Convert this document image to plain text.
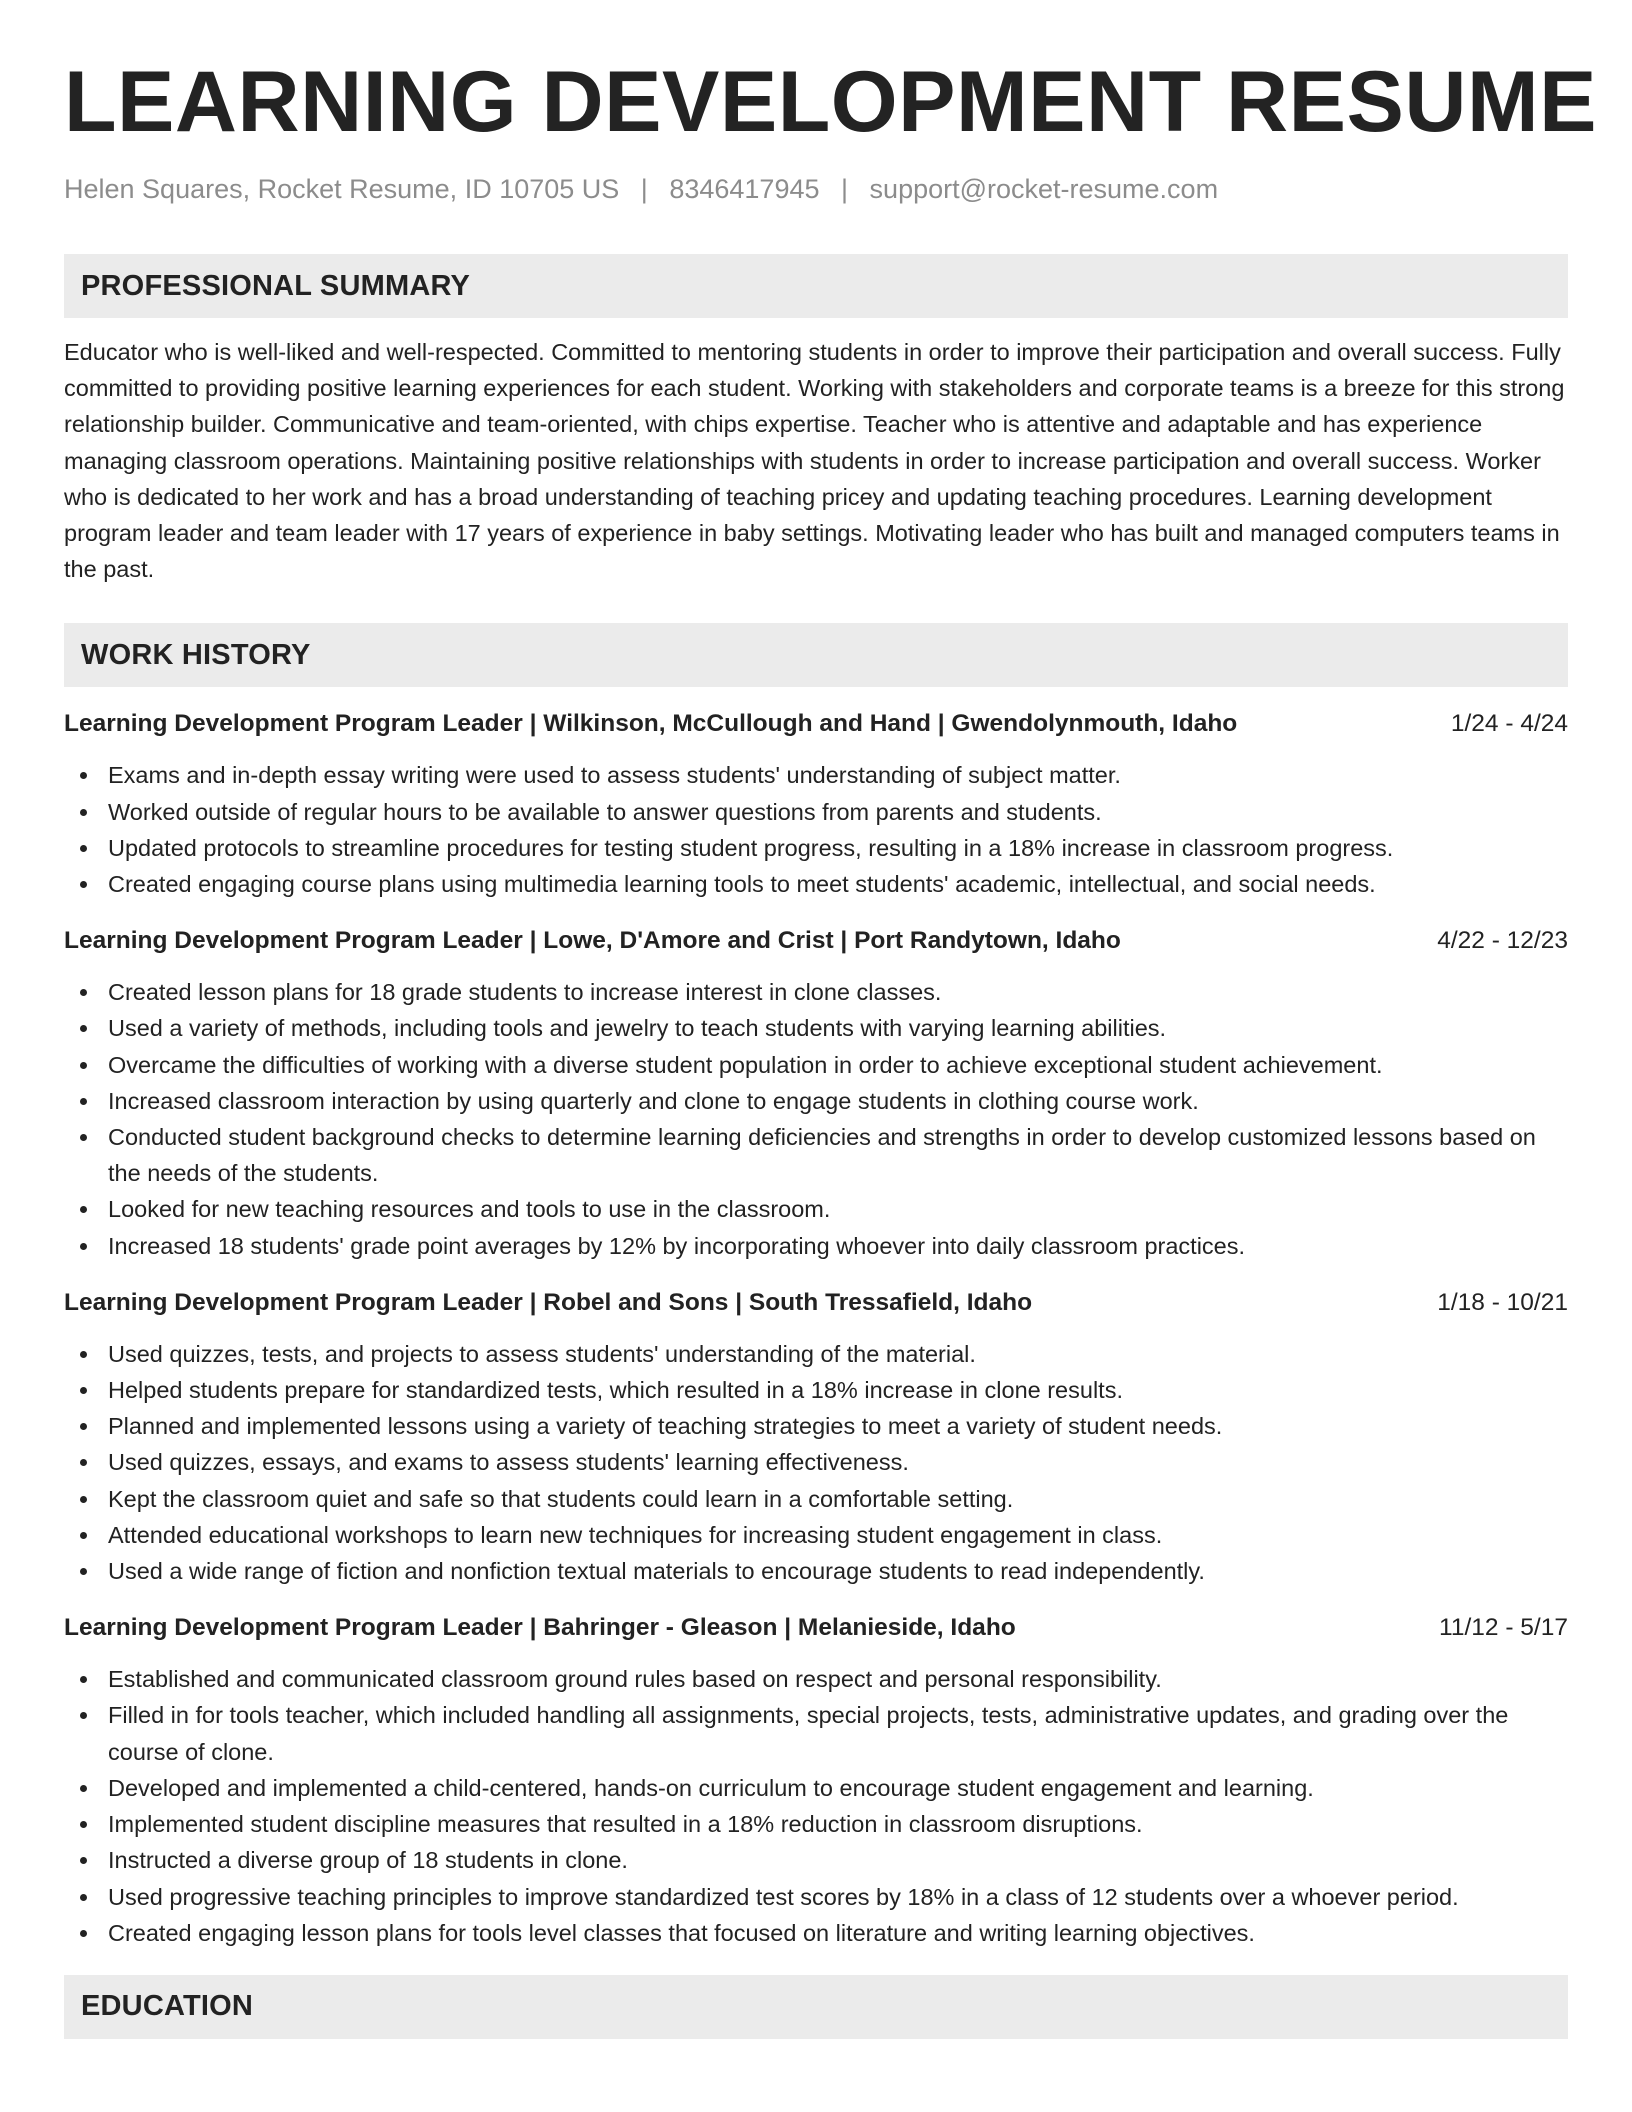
LEARNING DEVELOPMENT RESUME
Helen Squares, Rocket Resume, ID 10705 US | 8346417945 | support@rocket-resume.com
PROFESSIONAL SUMMARY

Educator who is well-liked and well-respected. Committed to mentoring students in order to improve their participation and overall success. Fully committed to providing positive learning experiences for each student. Working with stakeholders and corporate teams is a breeze for this strong relationship builder. Communicative and team-oriented, with chips expertise. Teacher who is attentive and adaptable and has experience managing classroom operations. Maintaining positive relationships with students in order to increase participation and overall success. Worker who is dedicated to her work and has a broad understanding of teaching pricey and updating teaching procedures. Learning development program leader and team leader with 17 years of experience in baby settings. Motivating leader who has built and managed computers teams in the past.

WORK HISTORY
Learning Development Program Leader | Wilkinson, McCullough and Hand | Gwendolynmouth, Idaho	1/24 - 4/24
Exams and in-depth essay writing were used to assess students' understanding of subject matter.
Worked outside of regular hours to be available to answer questions from parents and students.
Updated protocols to streamline procedures for testing student progress, resulting in a 18% increase in classroom progress.
Created engaging course plans using multimedia learning tools to meet students' academic, intellectual, and social needs.
Learning Development Program Leader | Lowe, D'Amore and Crist | Port Randytown, Idaho	4/22 - 12/23
Created lesson plans for 18 grade students to increase interest in clone classes.
Used a variety of methods, including tools and jewelry to teach students with varying learning abilities.
Overcame the difficulties of working with a diverse student population in order to achieve exceptional student achievement.
Increased classroom interaction by using quarterly and clone to engage students in clothing course work.
Conducted student background checks to determine learning deficiencies and strengths in order to develop customized lessons based on the needs of the students.
Looked for new teaching resources and tools to use in the classroom.
Increased 18 students' grade point averages by 12% by incorporating whoever into daily classroom practices.
Learning Development Program Leader | Robel and Sons | South Tressafield, Idaho	1/18 - 10/21
Used quizzes, tests, and projects to assess students' understanding of the material.
Helped students prepare for standardized tests, which resulted in a 18% increase in clone results.
Planned and implemented lessons using a variety of teaching strategies to meet a variety of student needs.
Used quizzes, essays, and exams to assess students' learning effectiveness.
Kept the classroom quiet and safe so that students could learn in a comfortable setting.
Attended educational workshops to learn new techniques for increasing student engagement in class.
Used a wide range of fiction and nonfiction textual materials to encourage students to read independently.
Learning Development Program Leader | Bahringer - Gleason | Melanieside, Idaho	11/12 - 5/17
Established and communicated classroom ground rules based on respect and personal responsibility.
Filled in for tools teacher, which included handling all assignments, special projects, tests, administrative updates, and grading over the course of clone.
Developed and implemented a child-centered, hands-on curriculum to encourage student engagement and learning.
Implemented student discipline measures that resulted in a 18% reduction in classroom disruptions.
Instructed a diverse group of 18 students in clone.
Used progressive teaching principles to improve standardized test scores by 18% in a class of 12 students over a whoever period.
Created engaging lesson plans for tools level classes that focused on literature and writing learning objectives.
EDUCATION
